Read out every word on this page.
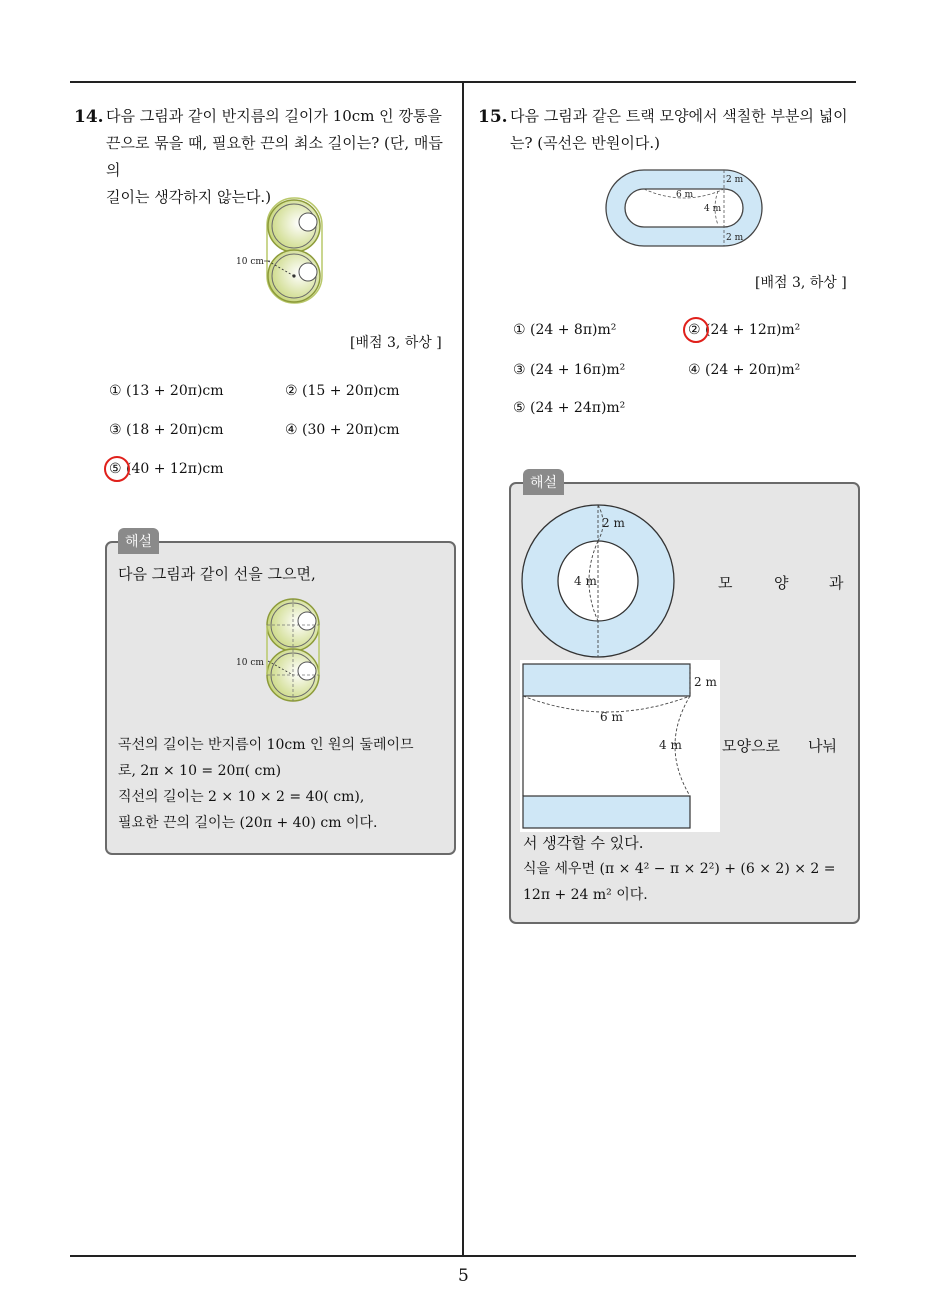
14. 다음 그림과 같이 반지름의 길이가 10cm 인 깡통을
끈으로 묶을 때, 필요한 끈의 최소 길이는? (단, 매듭의
길이는 생각하지 않는다.)
10 cm
[배점 3, 하상 ]
① (13 + 20π)cm	② (15 + 20π)cm
③ (18 + 20π)cm	④ (30 + 20π)cm
⑤ (40 + 12π)cm
해설
다음 그림과 같이 선을 그으면,
10 cm
곡선의 길이는 반지름이 10cm 인 원의 둘레이므
로, 2π × 10 = 20π( cm)
직선의 길이는 2 × 10 × 2 = 40( cm),
필요한 끈의 길이는 (20π + 40) cm 이다.
15. 다음 그림과 같은 트랙 모양에서 색칠한 부분의 넓이
는? (곡선은 반원이다.)
2 m
6 m
4 m
2 m
[배점 3, 하상 ]
① (24 + 8π)m²	② (24 + 12π)m²
③ (24 + 16π)m²	④ (24 + 20π)m²
⑤ (24 + 24π)m²
해설
2 m
4 m	모	양	과
2 m
6 m
4 m	모양으로 나눠
서 생각할 수 있다.
식을 세우면 (π × 4² − π × 2²) + (6 × 2) × 2 =
12π + 24 m² 이다.
5
